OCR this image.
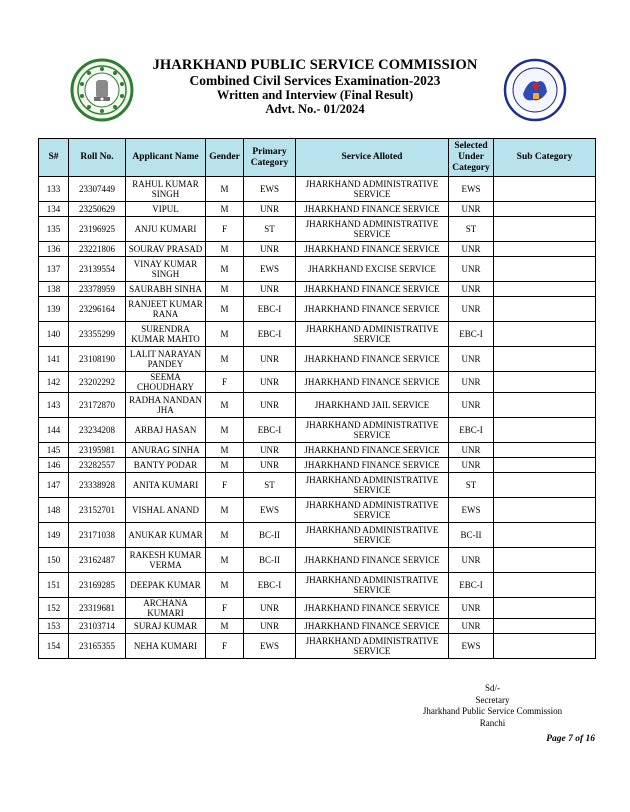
JHARKHAND PUBLIC SERVICE COMMISSION
Combined Civil Services Examination-2023
Written and Interview (Final Result)
Advt. No.- 01/2024
S#	Roll No.	Applicant Name	Gender	Primary Category	Service Alloted	Selected Under Category	Sub Category
133	23307449	RAHUL KUMAR SINGH	M	EWS	JHARKHAND ADMINISTRATIVE SERVICE	EWS	
134	23250629	VIPUL	M	UNR	JHARKHAND FINANCE SERVICE	UNR	
135	23196925	ANJU KUMARI	F	ST	JHARKHAND ADMINISTRATIVE SERVICE	ST	
136	23221806	SOURAV PRASAD	M	UNR	JHARKHAND FINANCE SERVICE	UNR	
137	23139554	VINAY KUMAR SINGH	M	EWS	JHARKHAND EXCISE SERVICE	UNR	
138	23378959	SAURABH SINHA	M	UNR	JHARKHAND FINANCE SERVICE	UNR	
139	23296164	RANJEET KUMAR RANA	M	EBC-I	JHARKHAND FINANCE SERVICE	UNR	
140	23355299	SURENDRA KUMAR MAHTO	M	EBC-I	JHARKHAND ADMINISTRATIVE SERVICE	EBC-I	
141	23108190	LALIT NARAYAN PANDEY	M	UNR	JHARKHAND FINANCE SERVICE	UNR	
142	23202292	SEEMA CHOUDHARY	F	UNR	JHARKHAND FINANCE SERVICE	UNR	
143	23172870	RADHA NANDAN JHA	M	UNR	JHARKHAND JAIL SERVICE	UNR	
144	23234208	ARBAJ HASAN	M	EBC-I	JHARKHAND ADMINISTRATIVE SERVICE	EBC-I	
145	23195981	ANURAG SINHA	M	UNR	JHARKHAND FINANCE SERVICE	UNR	
146	23282557	BANTY PODAR	M	UNR	JHARKHAND FINANCE SERVICE	UNR	
147	23338928	ANITA KUMARI	F	ST	JHARKHAND ADMINISTRATIVE SERVICE	ST	
148	23152701	VISHAL ANAND	M	EWS	JHARKHAND ADMINISTRATIVE SERVICE	EWS	
149	23171038	ANUKAR KUMAR	M	BC-II	JHARKHAND ADMINISTRATIVE SERVICE	BC-II	
150	23162487	RAKESH KUMAR VERMA	M	BC-II	JHARKHAND FINANCE SERVICE	UNR	
151	23169285	DEEPAK KUMAR	M	EBC-I	JHARKHAND ADMINISTRATIVE SERVICE	EBC-I	
152	23319681	ARCHANA KUMARI	F	UNR	JHARKHAND FINANCE SERVICE	UNR	
153	23103714	SURAJ KUMAR	M	UNR	JHARKHAND FINANCE SERVICE	UNR	
154	23165355	NEHA KUMARI	F	EWS	JHARKHAND ADMINISTRATIVE SERVICE	EWS	
Sd/-
Secretary
Jharkhand Public Service Commission
Ranchi
Page 7 of 16
